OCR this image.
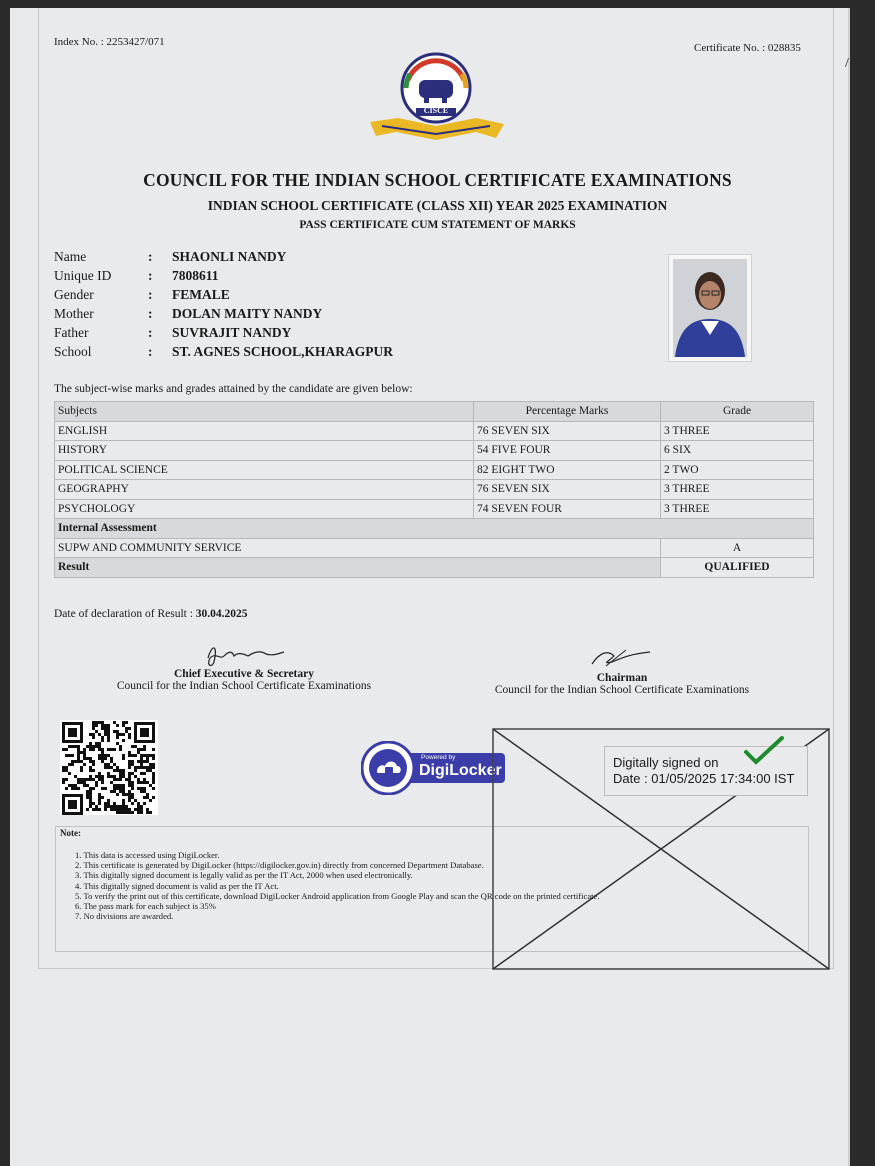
/
Index No. : 2253427/071	Certificate No. : 028835
CISCE
COUNCIL FOR THE INDIAN SCHOOL CERTIFICATE EXAMINATIONS
INDIAN SCHOOL CERTIFICATE (CLASS XII) YEAR 2025 EXAMINATION
PASS CERTIFICATE CUM STATEMENT OF MARKS
Name	:	SHAONLI NANDY
Unique ID	:	7808611
Gender	:	FEMALE
Mother	:	DOLAN MAITY NANDY
Father	:	SUVRAJIT NANDY
School	:	ST. AGNES SCHOOL,KHARAGPUR
The subject-wise marks and grades attained by the candidate are given below:
Subjects	Percentage Marks	Grade
ENGLISH	76 SEVEN SIX	3 THREE
HISTORY	54 FIVE FOUR	6 SIX
POLITICAL SCIENCE	82 EIGHT TWO	2 TWO
GEOGRAPHY	76 SEVEN SIX	3 THREE
PSYCHOLOGY	74 SEVEN FOUR	3 THREE
Internal Assessment		
SUPW AND COMMUNITY SERVICE		A
Result		QUALIFIED
Date of declaration of Result : 30.04.2025
Chief Executive & Secretary
Council for the Indian School Certificate Examinations
Chairman
Council for the Indian School Certificate Examinations
Powered by
DigiLocker
Note:
1. This data is accessed using DigiLocker.
2. This certificate is generated by DigiLocker (https://digilocker.gov.in) directly from concerned Department Database.
3. This digitally signed document is legally valid as per the IT Act, 2000 when used electronically.
4. This digitally signed document is valid as per the IT Act.
5. To verify the print out of this certificate, download DigiLocker Android application from Google Play and scan the QR code on the printed certificate.
6. The pass mark for each subject is 35%
7. No divisions are awarded.
Digitally signed on
Date : 01/05/2025 17:34:00 IST
